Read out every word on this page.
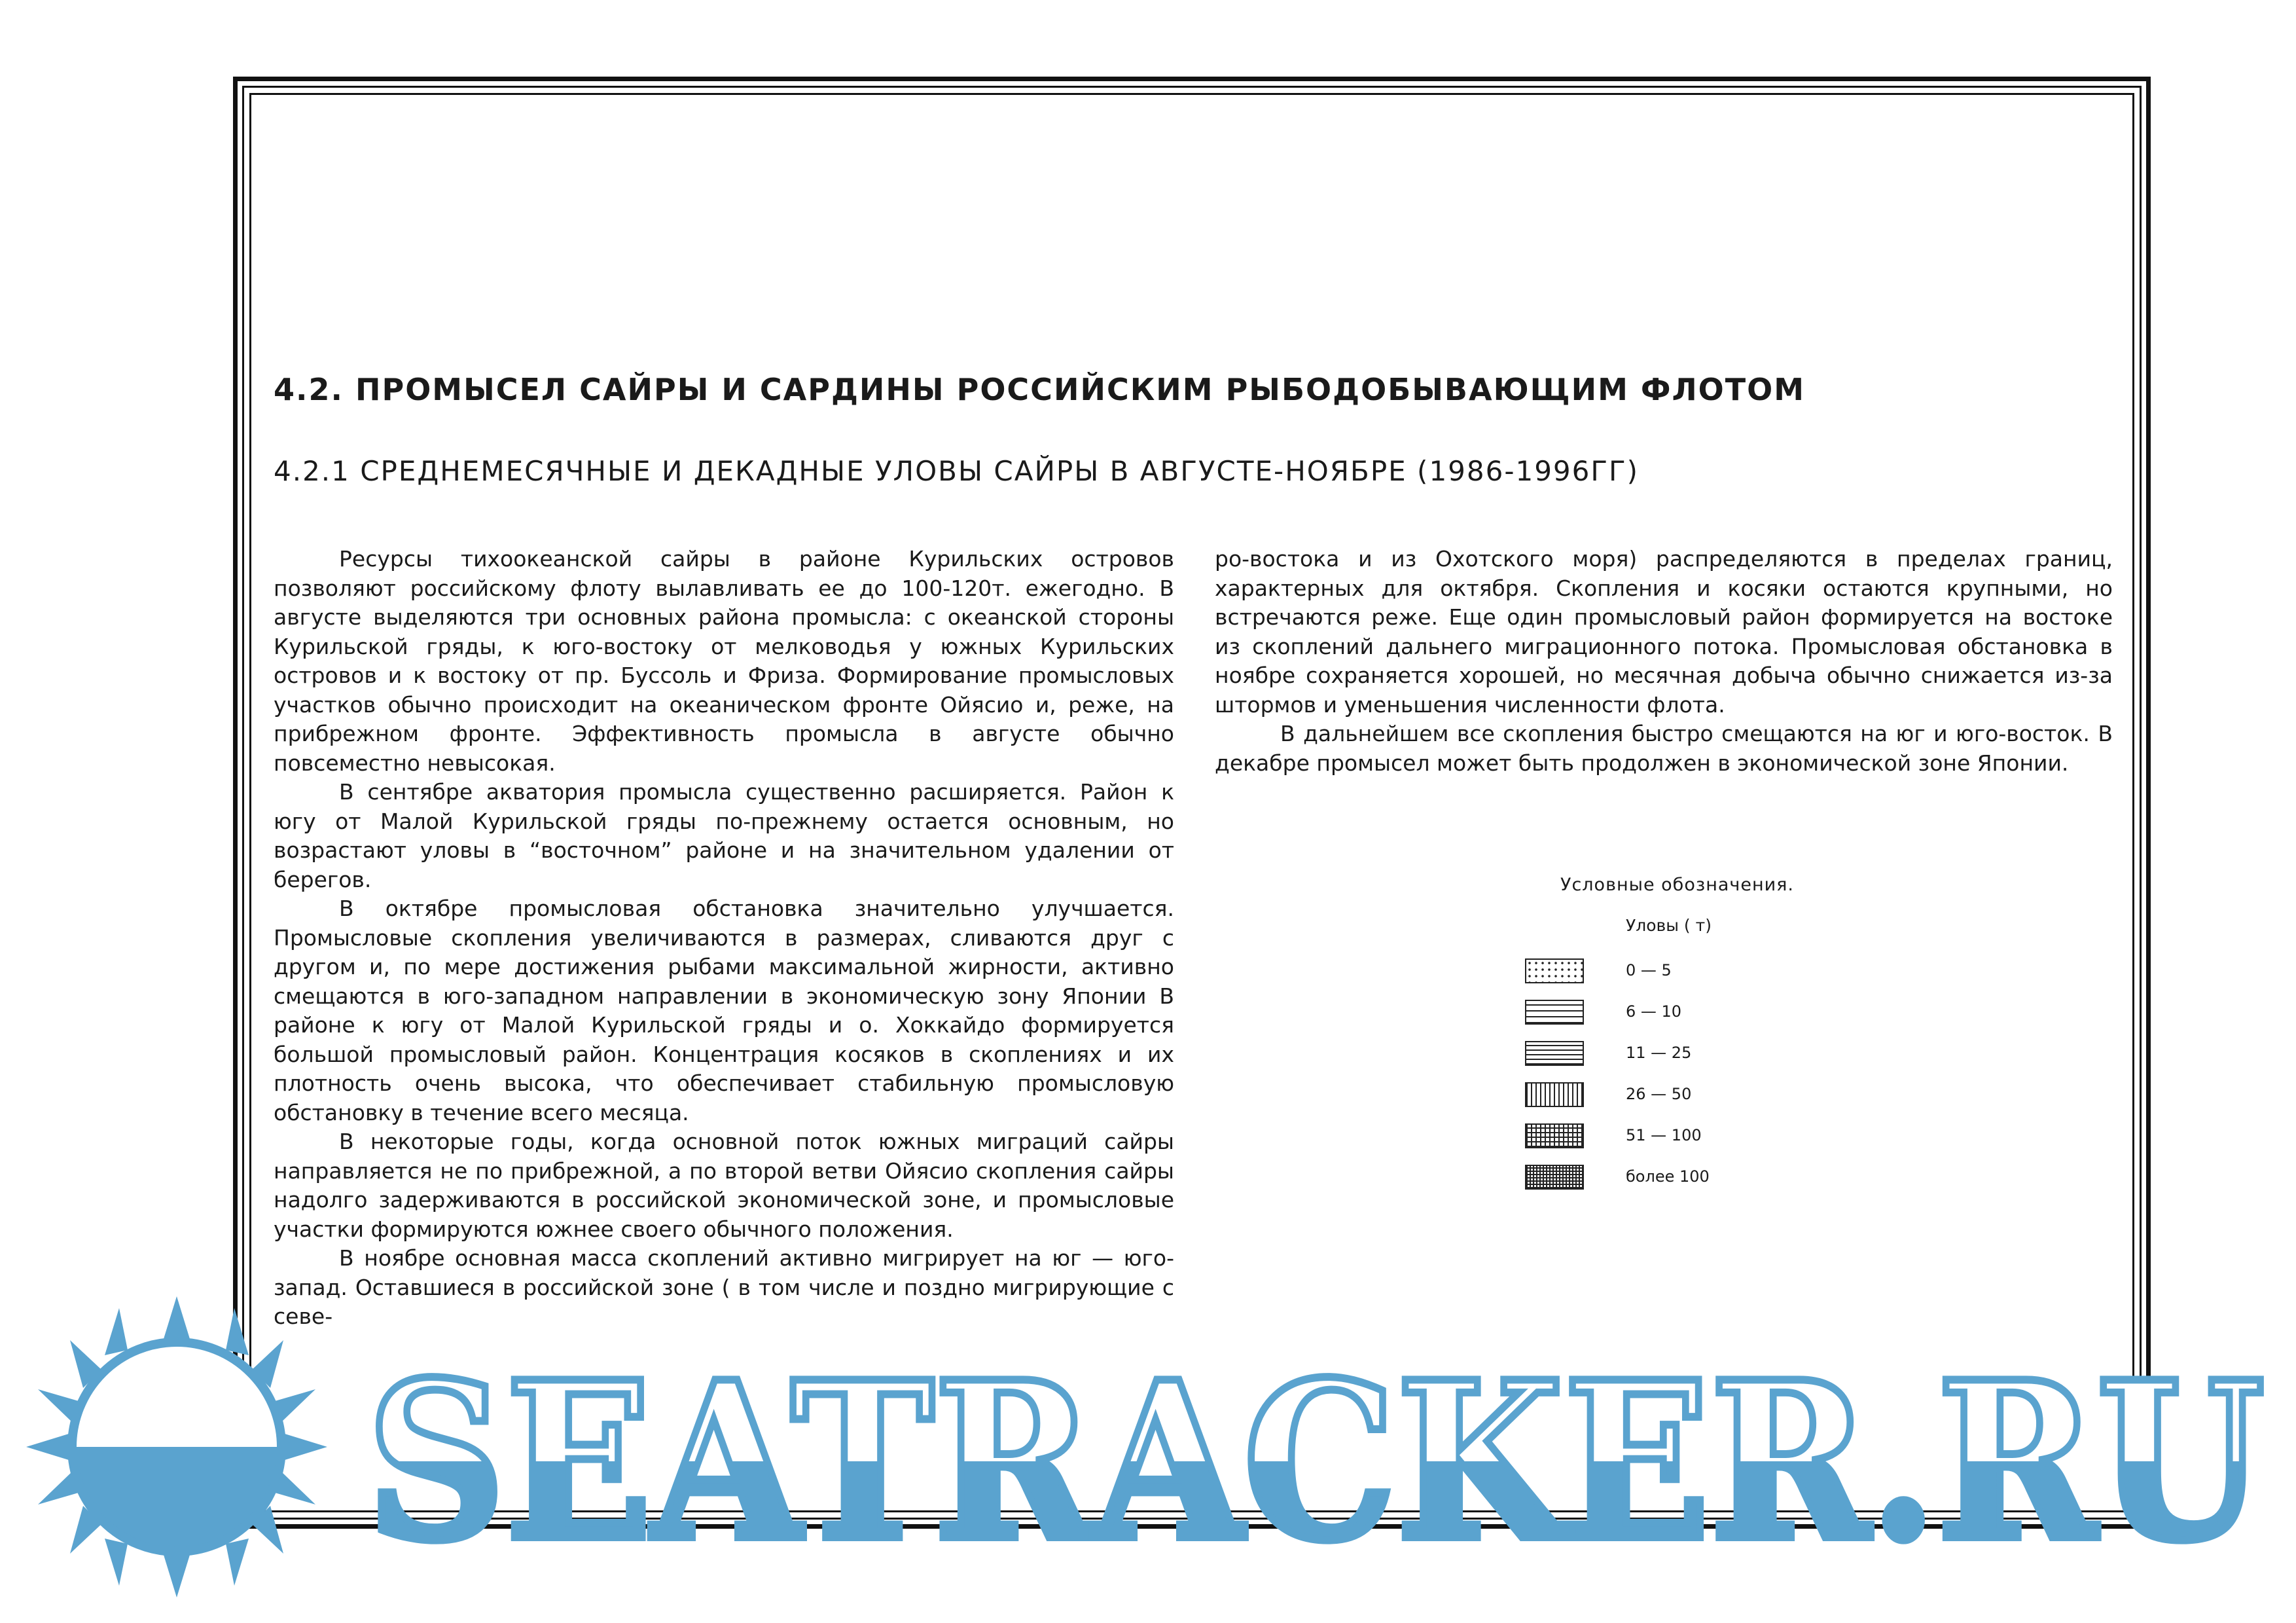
4.2. ПРОМЫСЕЛ САЙРЫ И САРДИНЫ РОССИЙСКИМ РЫБОДОБЫВАЮЩИМ ФЛОТОМ
4.2.1 СРЕДНЕМЕСЯЧНЫЕ И ДЕКАДНЫЕ УЛОВЫ САЙРЫ В АВГУСТЕ-НОЯБРЕ (1986-1996ГГ)

Ресурсы тихоокеанской сайры в районе Курильских островов позволяют российскому флоту вылавливать ее до 100-120т. ежегодно. В августе выделяются три основных района промысла: с океанской стороны Курильской гряды, к юго-востоку от мелководья у южных Курильских островов и к востоку от пр. Буссоль и Фриза. Формирование промысловых участков обычно происходит на океаническом фронте Ойясио и, реже, на прибрежном фронте. Эффективность промысла в августе обычно повсеместно невысокая.

В сентябре акватория промысла существенно расширяется. Район к югу от Малой Курильской гряды по-прежнему остается основным, но возрастают уловы в “восточном” районе и на значительном удалении от берегов.

В октябре промысловая обстановка значительно улучшается. Промысловые скопления увеличиваются в размерах, сливаются друг с другом и, по мере достижения рыбами максимальной жирности, активно смещаются в юго-западном направлении в экономическую зону Японии В районе к югу от Малой Курильской гряды и о. Хоккайдо формируется большой промысловый район. Концентрация косяков в скоплениях и их плотность очень высока, что обеспечивает стабильную промысловую обстановку в течение всего месяца.

В некоторые годы, когда основной поток южных миграций сайры направляется не по прибрежной, а по второй ветви Ойясио скопления сайры надолго задерживаются в российской экономической зоне, и промысловые участки формируются южнее своего обычного положения.

В ноябре основная масса скоплений активно мигрирует на юг — юго-запад. Оставшиеся в российской зоне ( в том числе и поздно мигрирующие с севе-

ро-востока и из Охотского моря) распределяются в пределах границ, характерных для октября. Скопления и косяки остаются крупными, но встречаются реже. Еще один промысловый район формируется на востоке из скоплений дальнего миграционного потока. Промысловая обстановка в ноябре сохраняется хорошей, но месячная добыча обычно снижается из-за штормов и уменьшения численности флота.

В дальнейшем все скопления быстро смещаются на юг и юго-восток. В декабре промысел может быть продолжен в экономической зоне Японии.

Условные обозначения.
Уловы ( т)
0 — 5
6 — 10
11 — 25
26 — 50
51 — 100
более 100
SEATRACKER.RU
